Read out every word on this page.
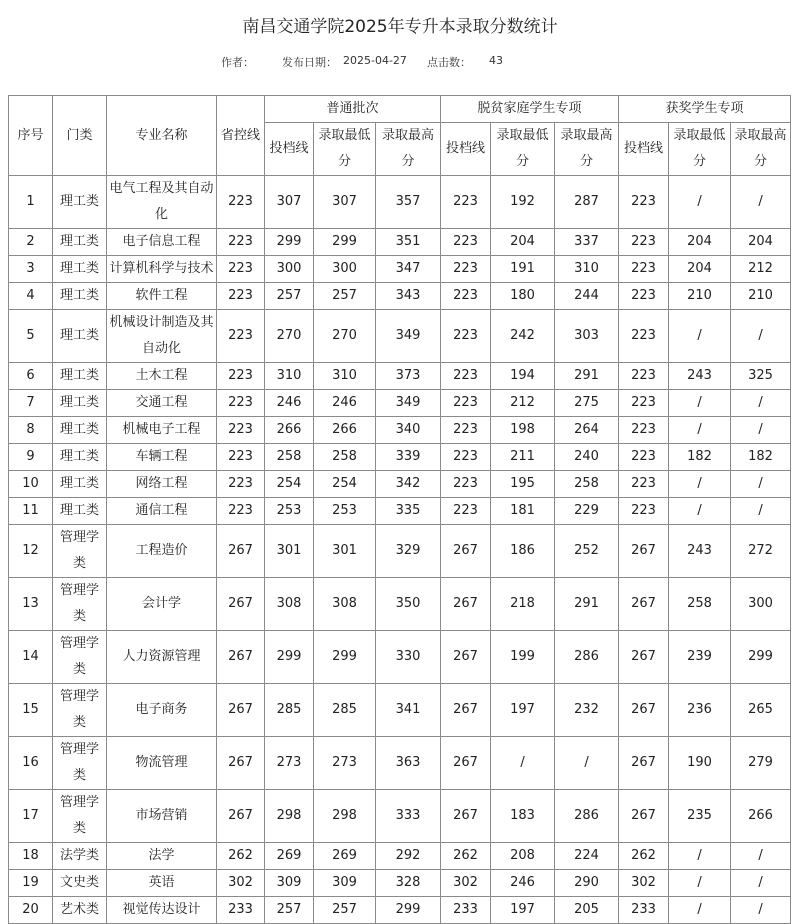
南昌交通学院2025年专升本录取分数统计
作者：	发布日期： 2025-04-27 点击数： 43
序号	门类	专业名称	省控线	普通批次			脱贫家庭学生专项			获奖学生专项		
				投档线	录取最低分	录取最高分	投档线	录取最低分	录取最高分	投档线	录取最低分	录取最高分
1	理工类	电气工程及其自动化	223	307	307	357	223	192	287	223	/	/
2	理工类	电子信息工程	223	299	299	351	223	204	337	223	204	204
3	理工类	计算机科学与技术	223	300	300	347	223	191	310	223	204	212
4	理工类	软件工程	223	257	257	343	223	180	244	223	210	210
5	理工类	机械设计制造及其自动化	223	270	270	349	223	242	303	223	/	/
6	理工类	土木工程	223	310	310	373	223	194	291	223	243	325
7	理工类	交通工程	223	246	246	349	223	212	275	223	/	/
8	理工类	机械电子工程	223	266	266	340	223	198	264	223	/	/
9	理工类	车辆工程	223	258	258	339	223	211	240	223	182	182
10	理工类	网络工程	223	254	254	342	223	195	258	223	/	/
11	理工类	通信工程	223	253	253	335	223	181	229	223	/	/
12	管理学类	工程造价	267	301	301	329	267	186	252	267	243	272
13	管理学类	会计学	267	308	308	350	267	218	291	267	258	300
14	管理学类	人力资源管理	267	299	299	330	267	199	286	267	239	299
15	管理学类	电子商务	267	285	285	341	267	197	232	267	236	265
16	管理学类	物流管理	267	273	273	363	267	/	/	267	190	279
17	管理学类	市场营销	267	298	298	333	267	183	286	267	235	266
18	法学类	法学	262	269	269	292	262	208	224	262	/	/
19	文史类	英语	302	309	309	328	302	246	290	302	/	/
20	艺术类	视觉传达设计	233	257	257	299	233	197	205	233	/	/
